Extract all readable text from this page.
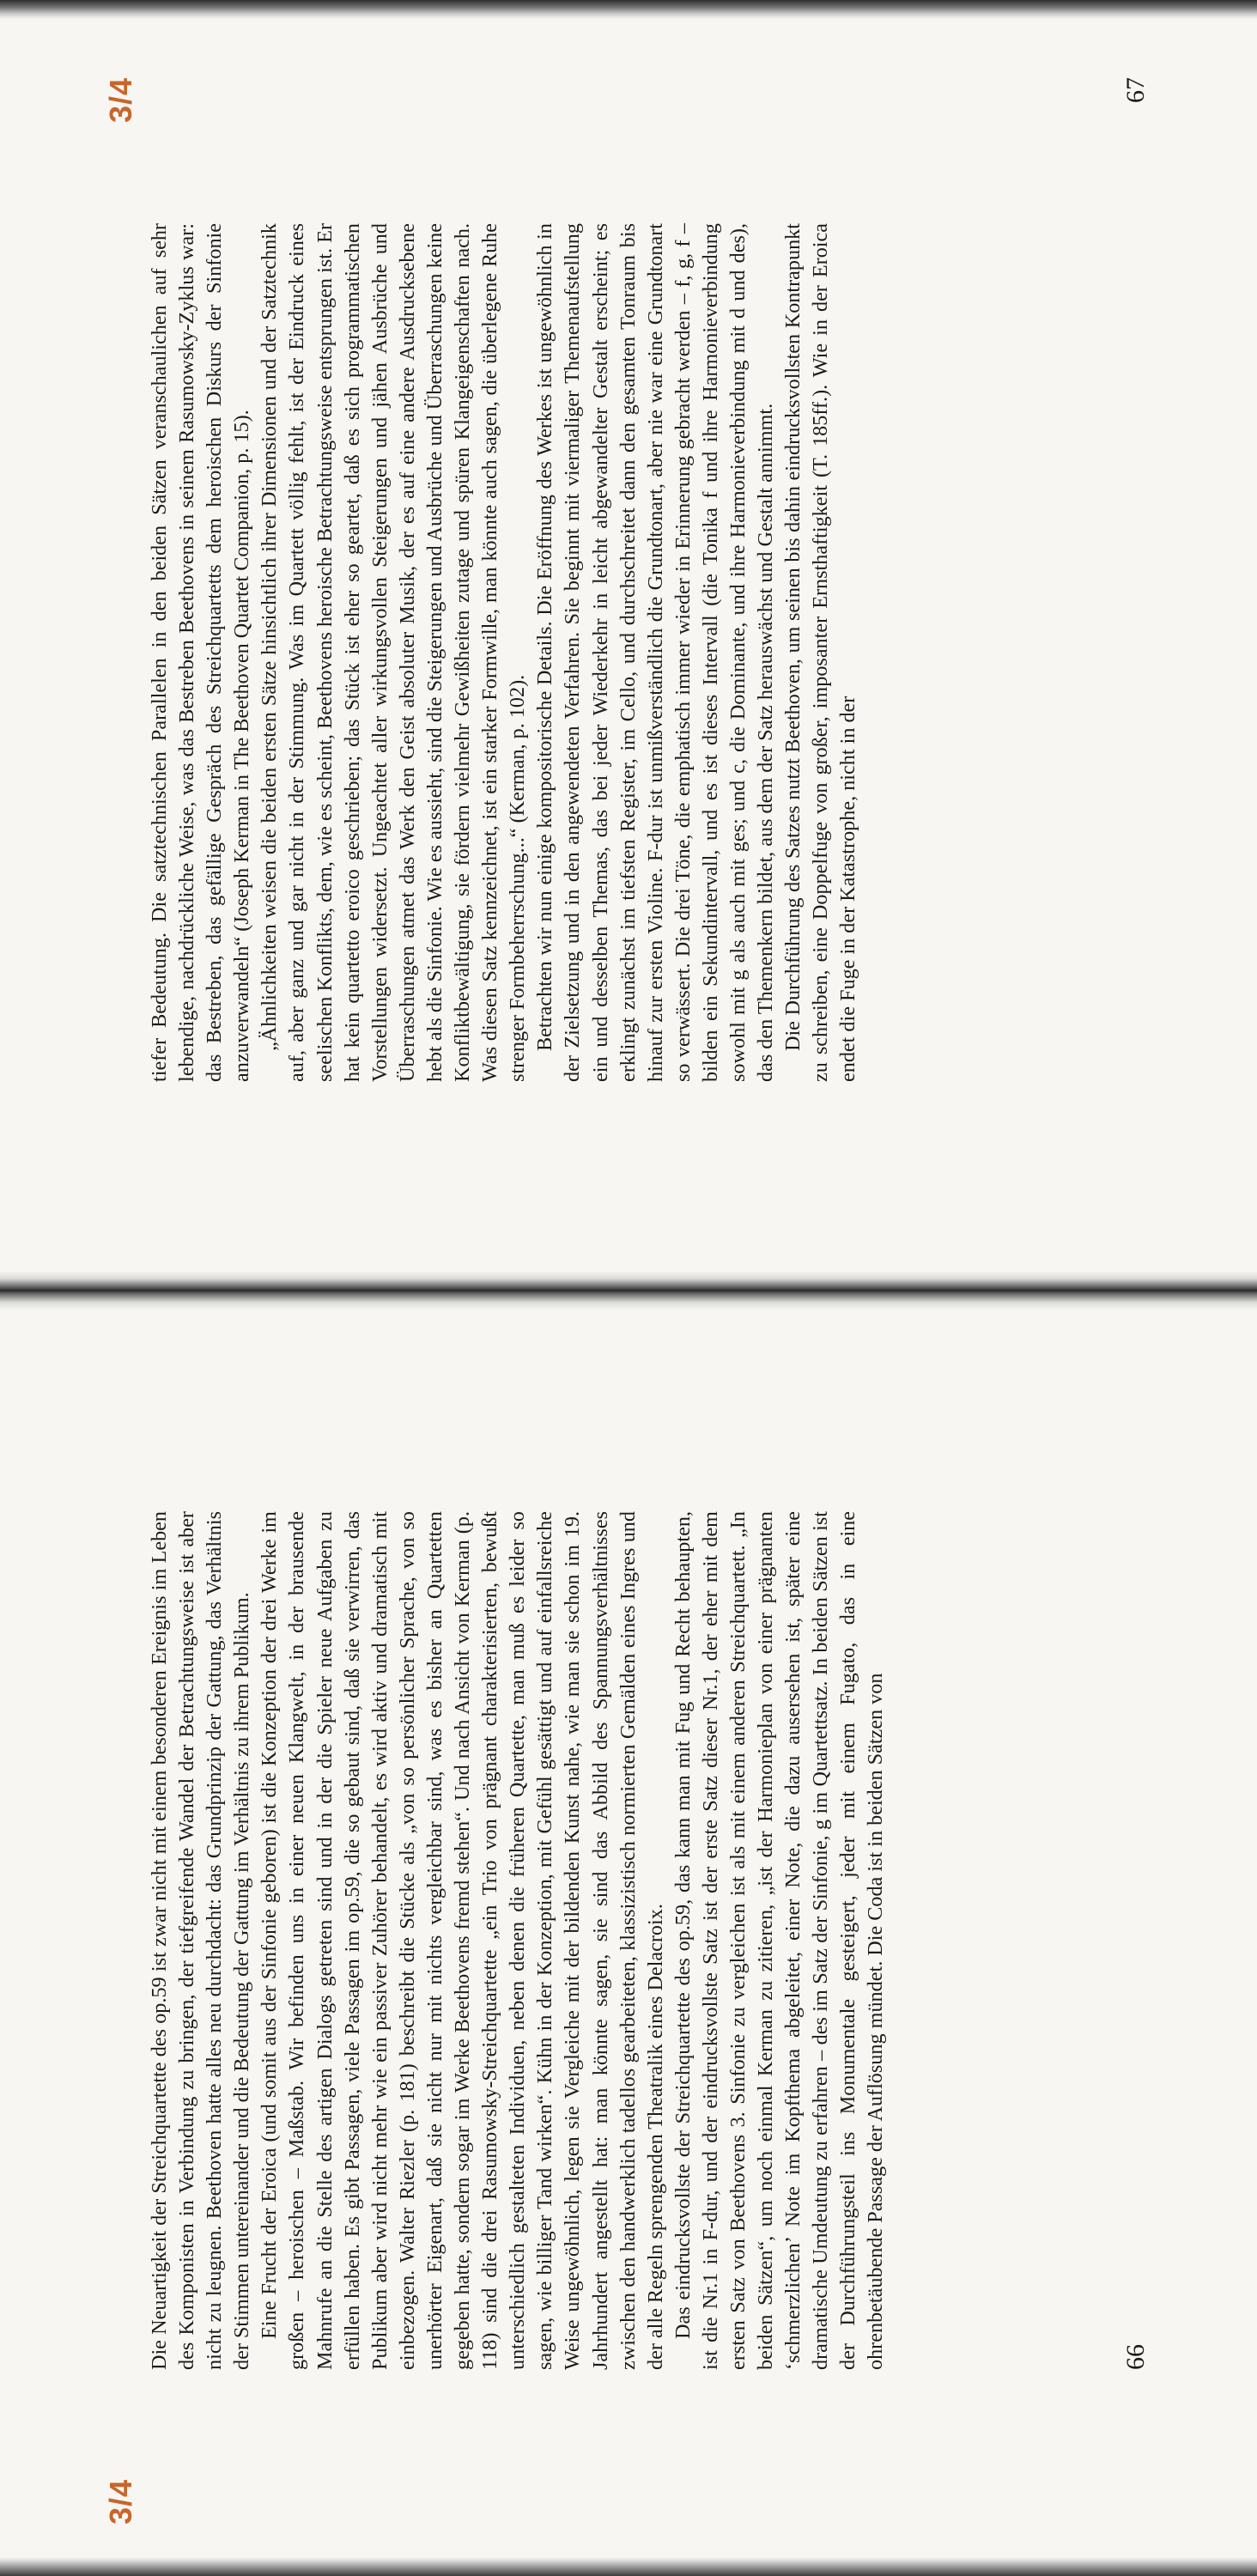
3/4

tiefer Bedeutung. Die satztechnischen Parallelen in den beiden Sätzen veranschaulichen auf sehr lebendige, nachdrückliche Weise, was das Bestreben Beethovens in seinem Rasumowsky-Zyklus war: das Bestreben, das gefällige Gespräch des Streichquartetts dem heroischen Diskurs der Sinfonie anzuverwandeln“ (Joseph Kerman in The Beethoven Quartet Companion, p. 15). „Ähnlichkeiten weisen die beiden ersten Sätze hinsichtlich ihrer Dimensionen und der Satztechnik auf, aber ganz und gar nicht in der Stimmung. Was im Quartett völlig fehlt, ist der Eindruck eines seelischen Konflikts, dem, wie es scheint, Beethovens heroische Betrachtungsweise entsprungen ist. Er hat kein quartetto eroico geschrieben; das Stück ist eher so geartet, daß es sich programmatischen Vorstellungen widersetzt. Ungeachtet aller wirkungsvollen Steigerungen und jähen Ausbrüche und Überraschungen atmet das Werk den Geist absoluter Musik, der es auf eine andere Ausdrucksebene hebt als die Sinfonie. Wie es aussieht, sind die Steigerungen und Ausbrüche und Überraschungen keine Konfliktbewältigung, sie fördern vielmehr Gewißheiten zutage und spüren Klangeigenschaften nach. Was diesen Satz kennzeichnet, ist ein starker Formwille, man könnte auch sagen, die überlegene Ruhe strenger Formbeherrschung...“ (Kerman, p. 102). Betrachten wir nun einige kompositorische Details. Die Eröffnung des Werkes ist ungewöhnlich in der Zielsetzung und in den angewendeten Verfahren. Sie beginnt mit viermaliger Themenaufstellung ein und desselben Themas, das bei jeder Wiederkehr in leicht abgewandelter Gestalt erscheint; es erklingt zunächst im tiefsten Register, im Cello, und durchschreitet dann den gesamten Tonraum bis hinauf zur ersten Violine. F-dur ist unmißverständlich die Grundtonart, aber nie war eine Grundtonart so verwässert. Die drei Töne, die emphatisch immer wieder in Erinnerung gebracht werden – f, g, f – bilden ein Sekundintervall, und es ist dieses Intervall (die Tonika f und ihre Harmonieverbindung sowohl mit g als auch mit ges; und c, die Dominante, und ihre Harmonieverbindung mit d und des), das den Themenkern bildet, aus dem der Satz herauswächst und Gestalt annimmt. Die Durchführung des Satzes nutzt Beethoven, um seinen bis dahin eindrucksvollsten Kontrapunkt zu schreiben, eine Doppelfuge von großer, imposanter Ernsthaftigkeit (T. 185ff.). Wie in der Eroica endet die Fuge in der Katastrophe, nicht in der

67
3/4

Die Neuartigkeit der Streichquartette des op.59 ist zwar nicht mit einem besonderen Ereignis im Leben des Komponisten in Verbindung zu bringen, der tiefgreifende Wandel der Betrachtungsweise ist aber nicht zu leugnen. Beethoven hatte alles neu durchdacht: das Grundprinzip der Gattung, das Verhältnis der Stimmen untereinander und die Bedeutung der Gattung im Verhältnis zu ihrem Publikum. Eine Frucht der Eroica (und somit aus der Sinfonie geboren) ist die Konzeption der drei Werke im großen – heroischen – Maßstab. Wir befinden uns in einer neuen Klangwelt, in der brausende Mahnrufe an die Stelle des artigen Dialogs getreten sind und in der die Spieler neue Aufgaben zu erfüllen haben. Es gibt Passagen, viele Passagen im op.59, die so gebaut sind, daß sie verwirren, das Publikum aber wird nicht mehr wie ein passiver Zuhörer behandelt, es wird aktiv und dramatisch mit einbezogen. Walter Riezler (p. 181) beschreibt die Stücke als „von so persönlicher Sprache, von so unerhörter Eigenart, daß sie nicht nur mit nichts vergleichbar sind, was es bisher an Quartetten gegeben hatte, sondern sogar im Werke Beethovens fremd stehen“. Und nach Ansicht von Kerman (p. 118) sind die drei Rasumowsky-Streichquartette „ein Trio von prägnant charakterisierten, bewußt unterschiedlich gestalteten Individuen, neben denen die früheren Quartette, man muß es leider so sagen, wie billiger Tand wirken“. Kühn in der Konzeption, mit Gefühl gesättigt und auf einfallsreiche Weise ungewöhnlich, legen sie Vergleiche mit der bildenden Kunst nahe, wie man sie schon im 19. Jahrhundert angestellt hat: man könnte sagen, sie sind das Abbild des Spannungsverhältnisses zwischen den handwerklich tadellos gearbeiteten, klassizistisch normierten Gemälden eines Ingres und der alle Regeln sprengenden Theatralik eines Delacroix. Das eindrucksvollste der Streichquartette des op.59, das kann man mit Fug und Recht behaupten, ist die Nr.1 in F-dur, und der eindrucksvollste Satz ist der erste Satz dieser Nr.1, der eher mit dem ersten Satz von Beethovens 3. Sinfonie zu vergleichen ist als mit einem anderen Streichquartett. „In beiden Sätzen“, um noch einmal Kerman zu zitieren, „ist der Harmonieplan von einer prägnanten ‘schmerzlichen’ Note im Kopfthema abgeleitet, einer Note, die dazu ausersehen ist, später eine dramatische Umdeutung zu erfahren – des im Satz der Sinfonie, g im Quartettsatz. In beiden Sätzen ist der Durchführungsteil ins Monumentale gesteigert, jeder mit einem Fugato, das in eine ohrenbetäubende Passage der Auflösung mündet. Die Coda ist in beiden Sätzen von	66
